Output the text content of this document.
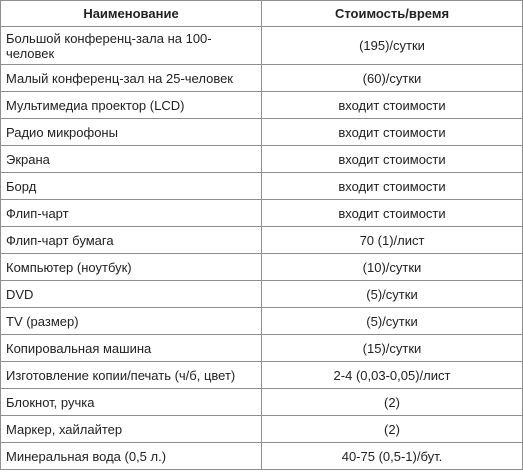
Наименование	Стоимость/время
Большой конференц-зала на 100-человек	(195)/сутки
Малый конференц-зал на 25-человек	(60)/сутки
Мультимедиа проектор (LCD)	входит стоимости
Радио микрофоны	входит стоимости
Экрана	входит стоимости
Борд	входит стоимости
Флип-чарт	входит стоимости
Флип-чарт бумага	70 (1)/лист
Компьютер (ноутбук)	(10)/сутки
DVD	(5)/сутки
TV (размер)	(5)/сутки
Копировальная машина	(15)/сутки
Изготовление копии/печать (ч/б, цвет)	2-4 (0,03-0,05)/лист
Блокнот, ручка	(2)
Маркер, хайлайтер	(2)
Минеральная вода (0,5 л.)	40-75 (0,5-1)/бут.
